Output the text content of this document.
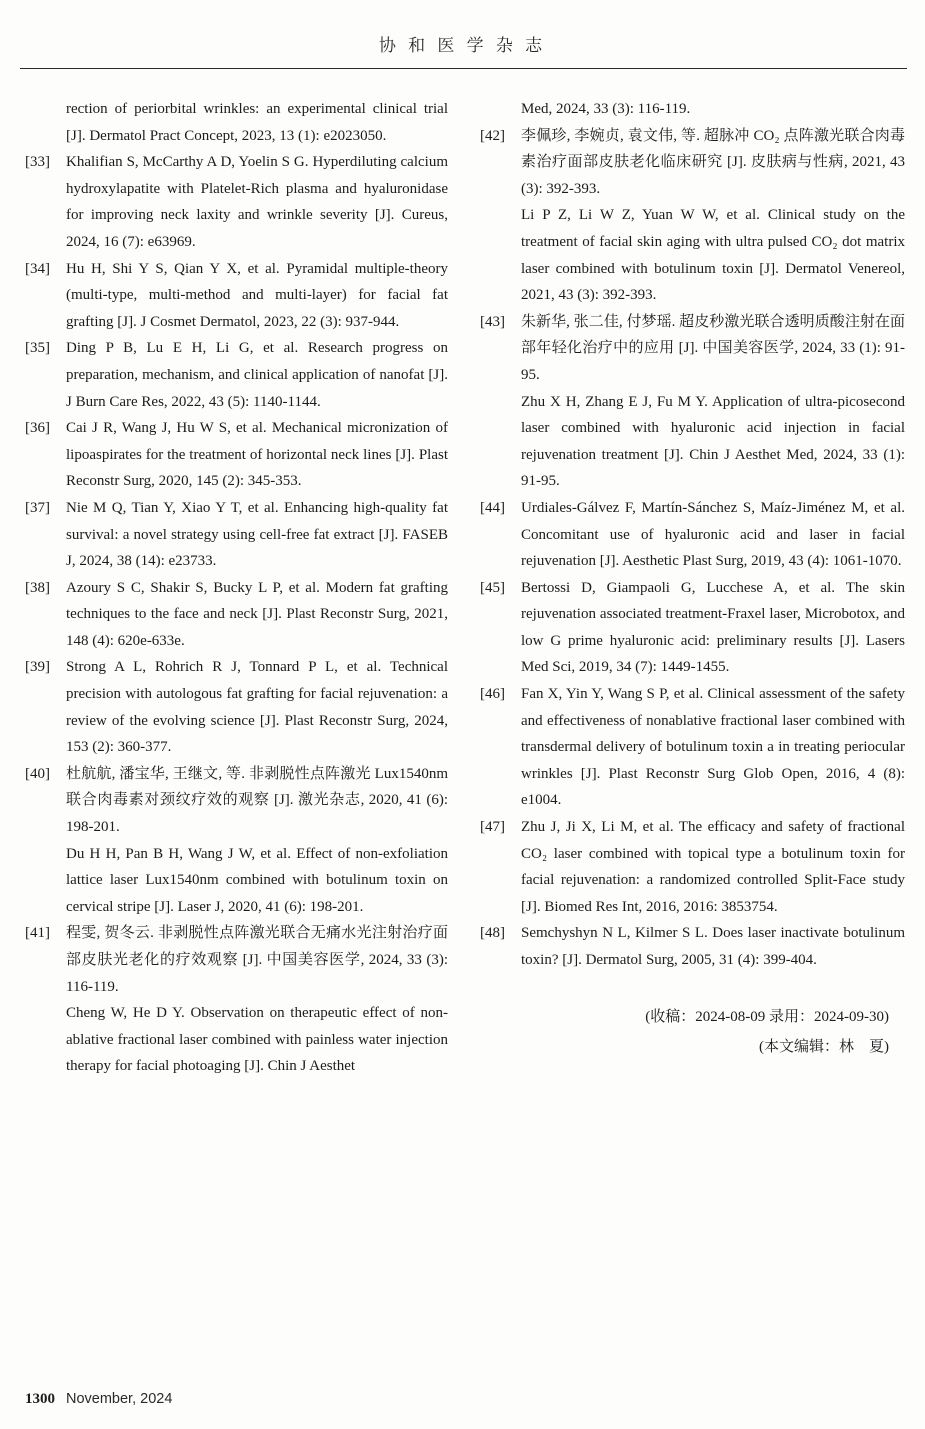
协 和 医 学 杂 志

rection of periorbital wrinkles: an experimental clinical trial [J]. Dermatol Pract Concept, 2023, 13 (1): e2023050.

[33]	Khalifian S, McCarthy A D, Yoelin S G. Hyperdiluting calcium hydroxylapatite with Platelet-Rich plasma and hyaluronidase for improving neck laxity and wrinkle severity [J]. Cureus, 2024, 16 (7): e63969.

[34]	Hu H, Shi Y S, Qian Y X, et al. Pyramidal multiple-theory (multi-type, multi-method and multi-layer) for facial fat grafting [J]. J Cosmet Dermatol, 2023, 22 (3): 937-944.

[35]	Ding P B, Lu E H, Li G, et al. Research progress on preparation, mechanism, and clinical application of nanofat [J]. J Burn Care Res, 2022, 43 (5): 1140-1144.

[36]	Cai J R, Wang J, Hu W S, et al. Mechanical micronization of lipoaspirates for the treatment of horizontal neck lines [J]. Plast Reconstr Surg, 2020, 145 (2): 345-353.

[37]	Nie M Q, Tian Y, Xiao Y T, et al. Enhancing high-quality fat survival: a novel strategy using cell-free fat extract [J]. FASEB J, 2024, 38 (14): e23733.

[38]	Azoury S C, Shakir S, Bucky L P, et al. Modern fat grafting techniques to the face and neck [J]. Plast Reconstr Surg, 2021, 148 (4): 620e-633e.

[39]	Strong A L, Rohrich R J, Tonnard P L, et al. Technical precision with autologous fat grafting for facial rejuvenation: a review of the evolving science [J]. Plast Reconstr Surg, 2024, 153 (2): 360-377.

[40]	杜航航, 潘宝华, 王继文, 等. 非剥脱性点阵激光 Lux1540nm 联合肉毒素对颈纹疗效的观察 [J]. 激光杂志, 2020, 41 (6): 198-201.

Du H H, Pan B H, Wang J W, et al. Effect of non-exfoliation lattice laser Lux1540nm combined with botulinum toxin on cervical stripe [J]. Laser J, 2020, 41 (6): 198-201.

[41]	程雯, 贺冬云. 非剥脱性点阵激光联合无痛水光注射治疗面部皮肤光老化的疗效观察 [J]. 中国美容医学, 2024, 33 (3): 116-119.

Cheng W, He D Y. Observation on therapeutic effect of non-ablative fractional laser combined with painless water injection therapy for facial photoaging [J]. Chin J Aesthet

Med, 2024, 33 (3): 116-119.

[42]	李佩珍, 李婉贞, 袁文伟, 等. 超脉冲 CO₂ 点阵激光联合肉毒素治疗面部皮肤老化临床研究 [J]. 皮肤病与性病, 2021, 43 (3): 392-393.

Li P Z, Li W Z, Yuan W W, et al. Clinical study on the treatment of facial skin aging with ultra pulsed CO₂ dot matrix laser combined with botulinum toxin [J]. Dermatol Venereol, 2021, 43 (3): 392-393.

[43]	朱新华, 张二佳, 付梦瑶. 超皮秒激光联合透明质酸注射在面部年轻化治疗中的应用 [J]. 中国美容医学, 2024, 33 (1): 91-95.

Zhu X H, Zhang E J, Fu M Y. Application of ultra-picosecond laser combined with hyaluronic acid injection in facial rejuvenation treatment [J]. Chin J Aesthet Med, 2024, 33 (1): 91-95.

[44]	Urdiales-Gálvez F, Martín-Sánchez S, Maíz-Jiménez M, et al. Concomitant use of hyaluronic acid and laser in facial rejuvenation [J]. Aesthetic Plast Surg, 2019, 43 (4): 1061-1070.

[45]	Bertossi D, Giampaoli G, Lucchese A, et al. The skin rejuvenation associated treatment-Fraxel laser, Microbotox, and low G prime hyaluronic acid: preliminary results [J]. Lasers Med Sci, 2019, 34 (7): 1449-1455.

[46]	Fan X, Yin Y, Wang S P, et al. Clinical assessment of the safety and effectiveness of nonablative fractional laser combined with transdermal delivery of botulinum toxin a in treating periocular wrinkles [J]. Plast Reconstr Surg Glob Open, 2016, 4 (8): e1004.

[47]	Zhu J, Ji X, Li M, et al. The efficacy and safety of fractional CO₂ laser combined with topical type a botulinum toxin for facial rejuvenation: a randomized controlled Split-Face study [J]. Biomed Res Int, 2016, 2016: 3853754.

[48]	Semchyshyn N L, Kilmer S L. Does laser inactivate botulinum toxin? [J]. Dermatol Surg, 2005, 31 (4): 399-404.

(收稿：2024-08-09 录用：2024-09-30)
(本文编辑：林　夏)
1300 November, 2024
